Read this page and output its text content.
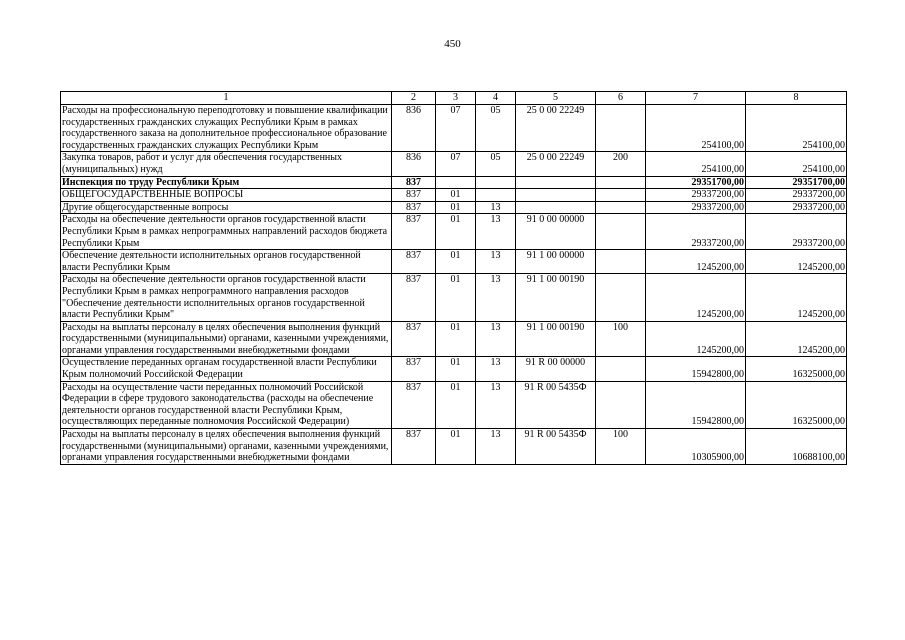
450
1	2	3	4	5	6	7	8
Расходы на профессиональную переподготовку и повышение квалификации государственных гражданских служащих Республики Крым в рамках государственного заказа на дополнительное профессиональное образование государственных гражданских служащих Республики Крым	836	07	05	25 0 00 22249		254100,00	254100,00
Закупка товаров, работ и услуг для обеспечения государственных (муниципальных) нужд	836	07	05	25 0 00 22249	200	254100,00	254100,00
Инспекция по труду Республики Крым	837					29351700,00	29351700,00
ОБЩЕГОСУДАРСТВЕННЫЕ ВОПРОСЫ	837	01				29337200,00	29337200,00
Другие общегосударственные вопросы	837	01	13			29337200,00	29337200,00
Расходы на обеспечение деятельности органов государственной власти Республики Крым в рамках непрограммных направлений расходов бюджета Республики Крым	837	01	13	91 0 00 00000		29337200,00	29337200,00
Обеспечение деятельности исполнительных органов государственной власти Республики Крым	837	01	13	91 1 00 00000		1245200,00	1245200,00
Расходы на обеспечение деятельности органов государственной власти Республики Крым в рамках непрограммного направления расходов "Обеспечение деятельности исполнительных органов государственной власти Республики Крым"	837	01	13	91 1 00 00190		1245200,00	1245200,00
Расходы на выплаты персоналу в целях обеспечения выполнения функций государственными (муниципальными) органами, казенными учреждениями, органами управления государственными внебюджетными фондами	837	01	13	91 1 00 00190	100	1245200,00	1245200,00
Осуществление переданных органам государственной власти Республики Крым полномочий Российской Федерации	837	01	13	91 R 00 00000		15942800,00	16325000,00
Расходы на осуществление части переданных полномочий Российской Федерации в сфере трудового законодательства (расходы на обеспечение деятельности органов государственной власти Республики Крым, осуществляющих переданные полномочия Российской Федерации)	837	01	13	91 R 00 5435Ф		15942800,00	16325000,00
Расходы на выплаты персоналу в целях обеспечения выполнения функций государственными (муниципальными) органами, казенными учреждениями, органами управления государственными внебюджетными фондами	837	01	13	91 R 00 5435Ф	100	10305900,00	10688100,00
